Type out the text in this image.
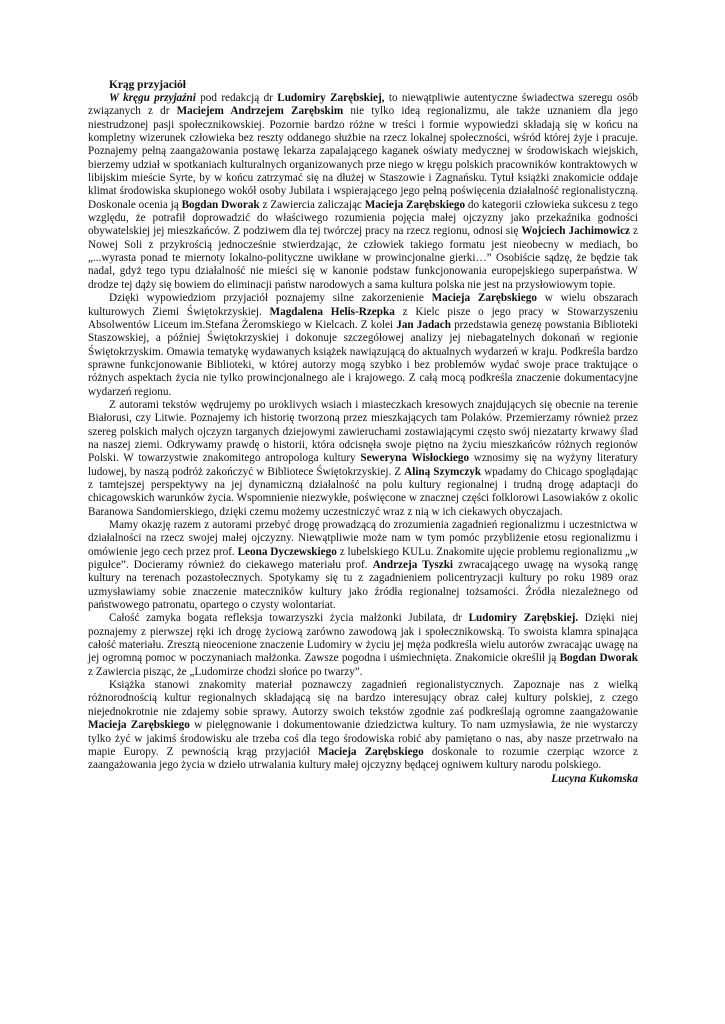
Krąg przyjaciół

W kręgu przyjaźni pod redakcją dr Ludomiry Zarębskiej, to niewątpliwie autentyczne świadectwa szeregu osób związanych z dr Maciejem Andrzejem Zarębskim nie tylko ideą regionalizmu, ale także uznaniem dla jego niestrudzonej pasji społecznikowskiej. Pozornie bardzo różne w treści i formie wypowiedzi składają się w końcu na kompletny wizerunek człowieka bez reszty oddanego służbie na rzecz lokalnej społeczności, wśród której żyje i pracuje. Poznajemy pełną zaangażowania postawę lekarza zapalającego kaganek oświaty medycznej w środowiskach wiejskich, bierzemy udział w spotkaniach kulturalnych organizowanych prze niego w kręgu polskich pracowników kontraktowych w libijskim mieście Syrte, by w końcu zatrzymać się na dłużej w Staszowie i Zagnańsku. Tytuł książki znakomicie oddaje klimat środowiska skupionego wokół osoby Jubilata i wspierającego jego pełną poświęcenia działalność regionalistyczną. Doskonale ocenia ją Bogdan Dworak z Zawiercia zaliczając Macieja Zarębskiego do kategorii człowieka sukcesu z tego względu, że potrafił doprowadzić do właściwego rozumienia pojęcia małej ojczyzny jako przekaźnika godności obywatelskiej jej mieszkańców. Z podziwem dla tej twórczej pracy na rzecz regionu, odnosi się Wojciech Jachimowicz z Nowej Soli z przykrością jednocześnie stwierdzając, że człowiek takiego formatu jest nieobecny w mediach, bo „...wyrasta ponad te miernoty lokalno-polityczne uwikłane w prowincjonalne gierki…” Osobiście sądzę, że będzie tak nadal, gdyż tego typu działalność nie mieści się w kanonie podstaw funkcjonowania europejskiego superpaństwa. W drodze tej dąży się bowiem do eliminacji państw narodowych a sama kultura polska nie jest na przysłowiowym topie.

Dzięki wypowiedziom przyjaciół poznajemy silne zakorzenienie Macieja Zarębskiego w wielu obszarach kulturowych Ziemi Świętokrzyskiej. Magdalena Helis-Rzepka z Kielc pisze o jego pracy w Stowarzyszeniu Absolwentów Liceum im.Stefana Żeromskiego w Kielcach. Z kolei Jan Jadach przedstawia genezę powstania Biblioteki Staszowskiej, a później Świętokrzyskiej i dokonuje szczegółowej analizy jej niebagatelnych dokonań w regionie Świętokrzyskim. Omawia tematykę wydawanych książek nawiązującą do aktualnych wydarzeń w kraju. Podkreśla bardzo sprawne funkcjonowanie Biblioteki, w której autorzy mogą szybko i bez problemów wydać swoje prace traktujące o różnych aspektach życia nie tylko prowincjonalnego ale i krajowego. Z całą mocą podkreśla znaczenie dokumentacyjne wydarzeń regionu.

Z autorami tekstów wędrujemy po uroklivych wsiach i miasteczkach kresowych znajdujących się obecnie na terenie Białorusi, czy Litwie. Poznajemy ich historię tworzoną przez mieszkających tam Polaków. Przemierzamy również przez szereg polskich małych ojczyzn targanych dziejowymi zawieruchami zostawiającymi często swój niezatarty krwawy ślad na naszej ziemi. Odkrywamy prawdę o historii, która odcisnęła swoje piętno na życiu mieszkańców różnych regionów Polski. W towarzystwie znakomitego antropologa kultury Seweryna Wisłockiego wznosimy się na wyżyny literatury ludowej, by naszą podróż zakończyć w Bibliotece Świętokrzyskiej. Z Aliną Szymczyk wpadamy do Chicago spoglądając z tamtejszej perspektywy na jej dynamiczną działalność na polu kultury regionalnej i trudną drogę adaptacji do chicagowskich warunków życia. Wspomnienie niezwykłe, poświęcone w znacznej części folklorowi Lasowiaków z okolic Baranowa Sandomierskiego, dzięki czemu możemy uczestniczyć wraz z nią w ich ciekawych obyczajach.

Mamy okazję razem z autorami przebyć drogę prowadzącą do zrozumienia zagadnień regionalizmu i uczestnictwa w działalności na rzecz swojej małej ojczyzny. Niewątpliwie może nam w tym pomóc przybliżenie etosu regionalizmu i omówienie jego cech przez prof. Leona Dyczewskiego z lubelskiego KULu. Znakomite ujęcie problemu regionalizmu „w pigułce”. Docieramy również do ciekawego materiału prof. Andrzeja Tyszki zwracającego uwagę na wysoką rangę kultury na terenach pozastołecznych. Spotykamy się tu z zagadnieniem policentryzacji kultury po roku 1989 oraz uzmysławiamy sobie znaczenie mateczników kultury jako źródła regionalnej tożsamości. Źródła niezależnego od państwowego patronatu, opartego o czysty wolontariat.

Całość zamyka bogata refleksja towarzyszki życia małżonki Jubilata, dr Ludomiry Zarębskiej. Dzięki niej poznajemy z pierwszej ręki ich drogę życiową zarówno zawodową jak i społecznikowską. To swoista klamra spinająca całość materiału. Zresztą nieocenione znaczenie Ludomiry w życiu jej męża podkreśla wielu autorów zwracając uwagę na jej ogromną pomoc w poczynaniach małżonka. Zawsze pogodna i uśmiechnięta. Znakomicie określił ją Bogdan Dworak z Zawiercia pisząc, że „Ludomirze chodzi słońce po twarzy”.

Książka stanowi znakomity materiał poznawczy zagadnień regionalistycznych. Zapoznaje nas z wielką różnorodnością kultur regionalnych składającą się na bardzo interesujący obraz całej kultury polskiej, z czego niejednokrotnie nie zdajemy sobie sprawy. Autorzy swoich tekstów zgodnie zaś podkreślają ogromne zaangażowanie Macieja Zarębskiego w pielęgnowanie i dokumentowanie dziedzictwa kultury. To nam uzmysławia, że nie wystarczy tylko żyć w jakimś środowisku ale trzeba coś dla tego środowiska robić aby pamiętano o nas, aby nasze przetrwało na mapie Europy. Z pewnością krąg przyjaciół Macieja Zarębskiego doskonale to rozumie czerpiąc wzorce z zaangażowania jego życia w dzieło utrwalania kultury małej ojczyzny będącej ogniwem kultury narodu polskiego.

Lucyna Kukomska
